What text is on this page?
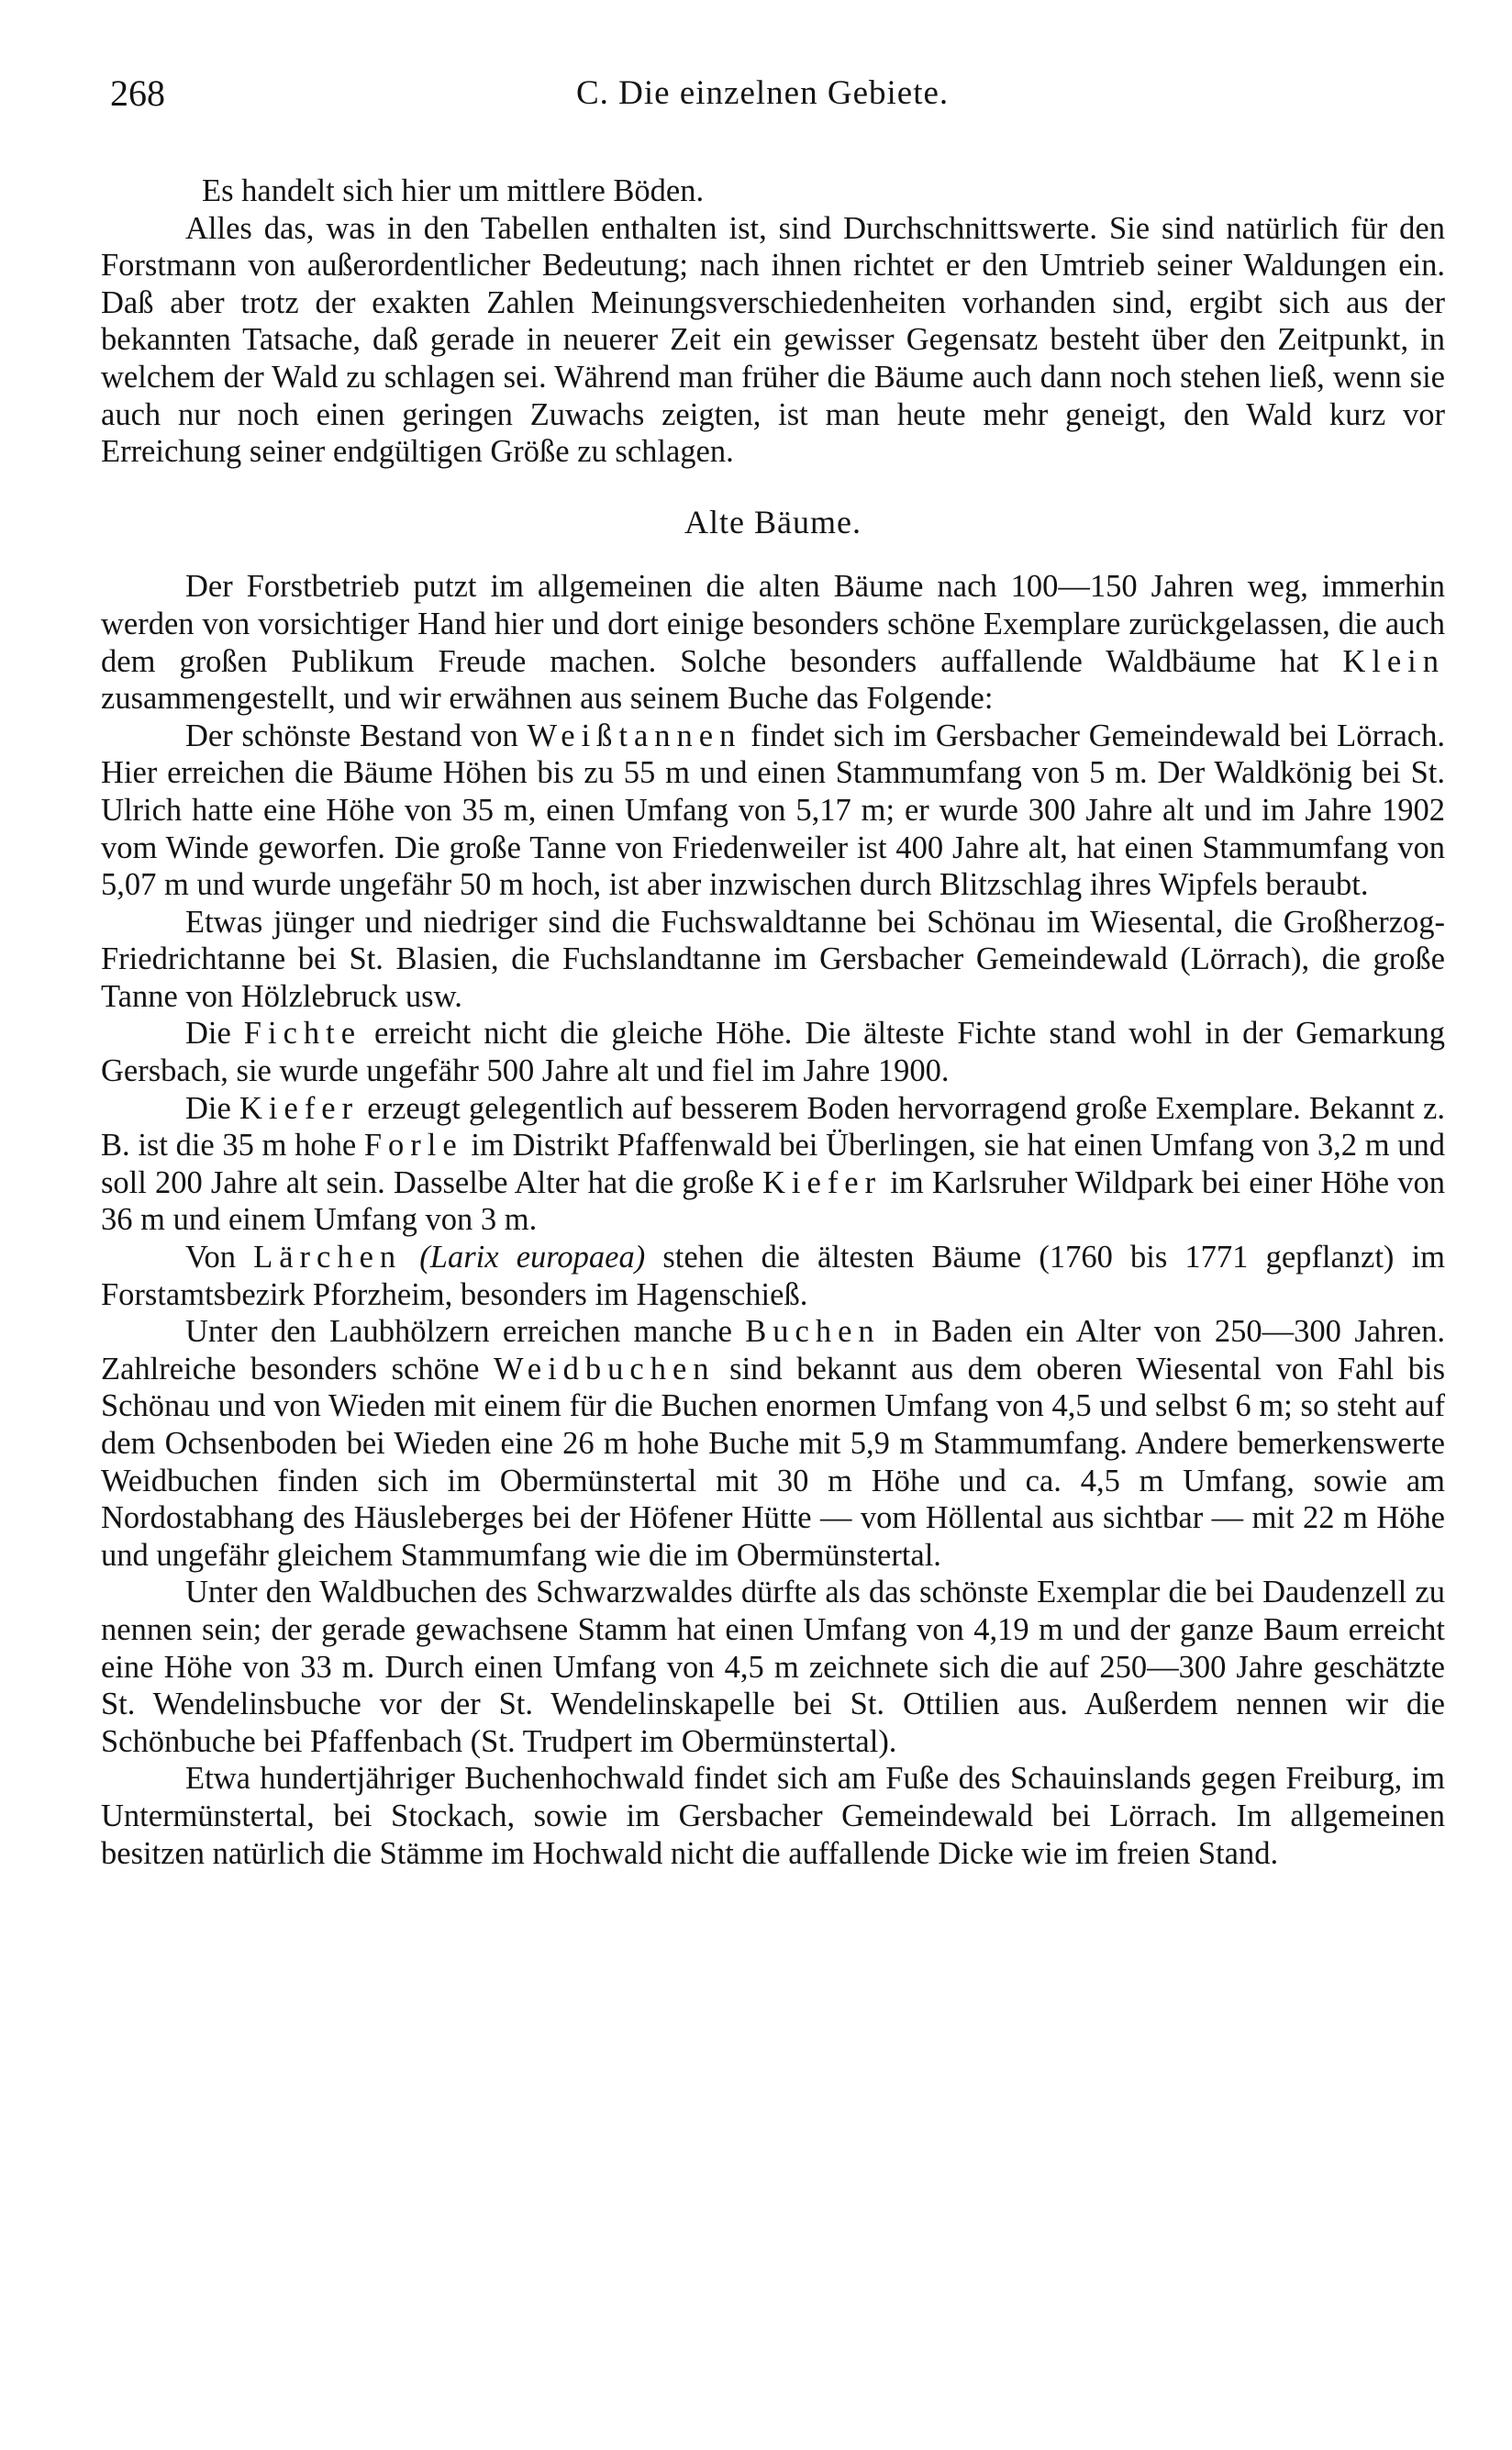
268	C. Die einzelnen Gebiete.

Es handelt sich hier um mittlere Böden.

Alles das, was in den Tabellen enthalten ist, sind Durchschnittswerte. Sie sind natürlich für den Forstmann von außerordentlicher Bedeutung; nach ihnen richtet er den Umtrieb seiner Waldungen ein. Daß aber trotz der exakten Zahlen Meinungsverschiedenheiten vorhanden sind, ergibt sich aus der bekannten Tatsache, daß gerade in neuerer Zeit ein gewisser Gegensatz besteht über den Zeitpunkt, in welchem der Wald zu schlagen sei. Während man früher die Bäume auch dann noch stehen ließ, wenn sie auch nur noch einen geringen Zuwachs zeigten, ist man heute mehr geneigt, den Wald kurz vor Erreichung seiner endgültigen Größe zu schlagen.

Alte Bäume.

Der Forstbetrieb putzt im allgemeinen die alten Bäume nach 100—150 Jahren weg, immerhin werden von vorsichtiger Hand hier und dort einige besonders schöne Exemplare zurückgelassen, die auch dem großen Publikum Freude machen. Solche besonders auffallende Waldbäume hat Klein zusammengestellt, und wir erwähnen aus seinem Buche das Folgende:

Der schönste Bestand von Weißtannen findet sich im Gersbacher Gemeindewald bei Lörrach. Hier erreichen die Bäume Höhen bis zu 55 m und einen Stammumfang von 5 m. Der Waldkönig bei St. Ulrich hatte eine Höhe von 35 m, einen Umfang von 5,17 m; er wurde 300 Jahre alt und im Jahre 1902 vom Winde geworfen. Die große Tanne von Friedenweiler ist 400 Jahre alt, hat einen Stammumfang von 5,07 m und wurde ungefähr 50 m hoch, ist aber inzwischen durch Blitzschlag ihres Wipfels beraubt.

Etwas jünger und niedriger sind die Fuchswaldtanne bei Schönau im Wiesental, die Großherzog-Friedrichtanne bei St. Blasien, die Fuchslandtanne im Gersbacher Gemeindewald (Lörrach), die große Tanne von Hölzlebruck usw.

Die Fichte erreicht nicht die gleiche Höhe. Die älteste Fichte stand wohl in der Gemarkung Gersbach, sie wurde ungefähr 500 Jahre alt und fiel im Jahre 1900.

Die Kiefer erzeugt gelegentlich auf besserem Boden hervorragend große Exemplare. Bekannt z. B. ist die 35 m hohe Forle im Distrikt Pfaffenwald bei Überlingen, sie hat einen Umfang von 3,2 m und soll 200 Jahre alt sein. Dasselbe Alter hat die große Kiefer im Karlsruher Wildpark bei einer Höhe von 36 m und einem Umfang von 3 m.

Von Lärchen (Larix europaea) stehen die ältesten Bäume (1760 bis 1771 gepflanzt) im Forstamtsbezirk Pforzheim, besonders im Hagenschieß.

Unter den Laubhölzern erreichen manche Buchen in Baden ein Alter von 250—300 Jahren. Zahlreiche besonders schöne Weidbuchen sind bekannt aus dem oberen Wiesental von Fahl bis Schönau und von Wieden mit einem für die Buchen enormen Umfang von 4,5 und selbst 6 m; so steht auf dem Ochsenboden bei Wieden eine 26 m hohe Buche mit 5,9 m Stammumfang. Andere bemerkenswerte Weidbuchen finden sich im Obermünstertal mit 30 m Höhe und ca. 4,5 m Umfang, sowie am Nordostabhang des Häusleberges bei der Höfener Hütte — vom Höllental aus sichtbar — mit 22 m Höhe und ungefähr gleichem Stammumfang wie die im Obermünstertal.

Unter den Waldbuchen des Schwarzwaldes dürfte als das schönste Exemplar die bei Daudenzell zu nennen sein; der gerade gewachsene Stamm hat einen Umfang von 4,19 m und der ganze Baum erreicht eine Höhe von 33 m. Durch einen Umfang von 4,5 m zeichnete sich die auf 250—300 Jahre geschätzte St. Wendelinsbuche vor der St. Wendelinskapelle bei St. Ottilien aus. Außerdem nennen wir die Schönbuche bei Pfaffenbach (St. Trudpert im Obermünstertal).

Etwa hundertjähriger Buchenhochwald findet sich am Fuße des Schauinslands gegen Freiburg, im Untermünstertal, bei Stockach, sowie im Gersbacher Gemeindewald bei Lörrach. Im allgemeinen besitzen natürlich die Stämme im Hochwald nicht die auffallende Dicke wie im freien Stand.
